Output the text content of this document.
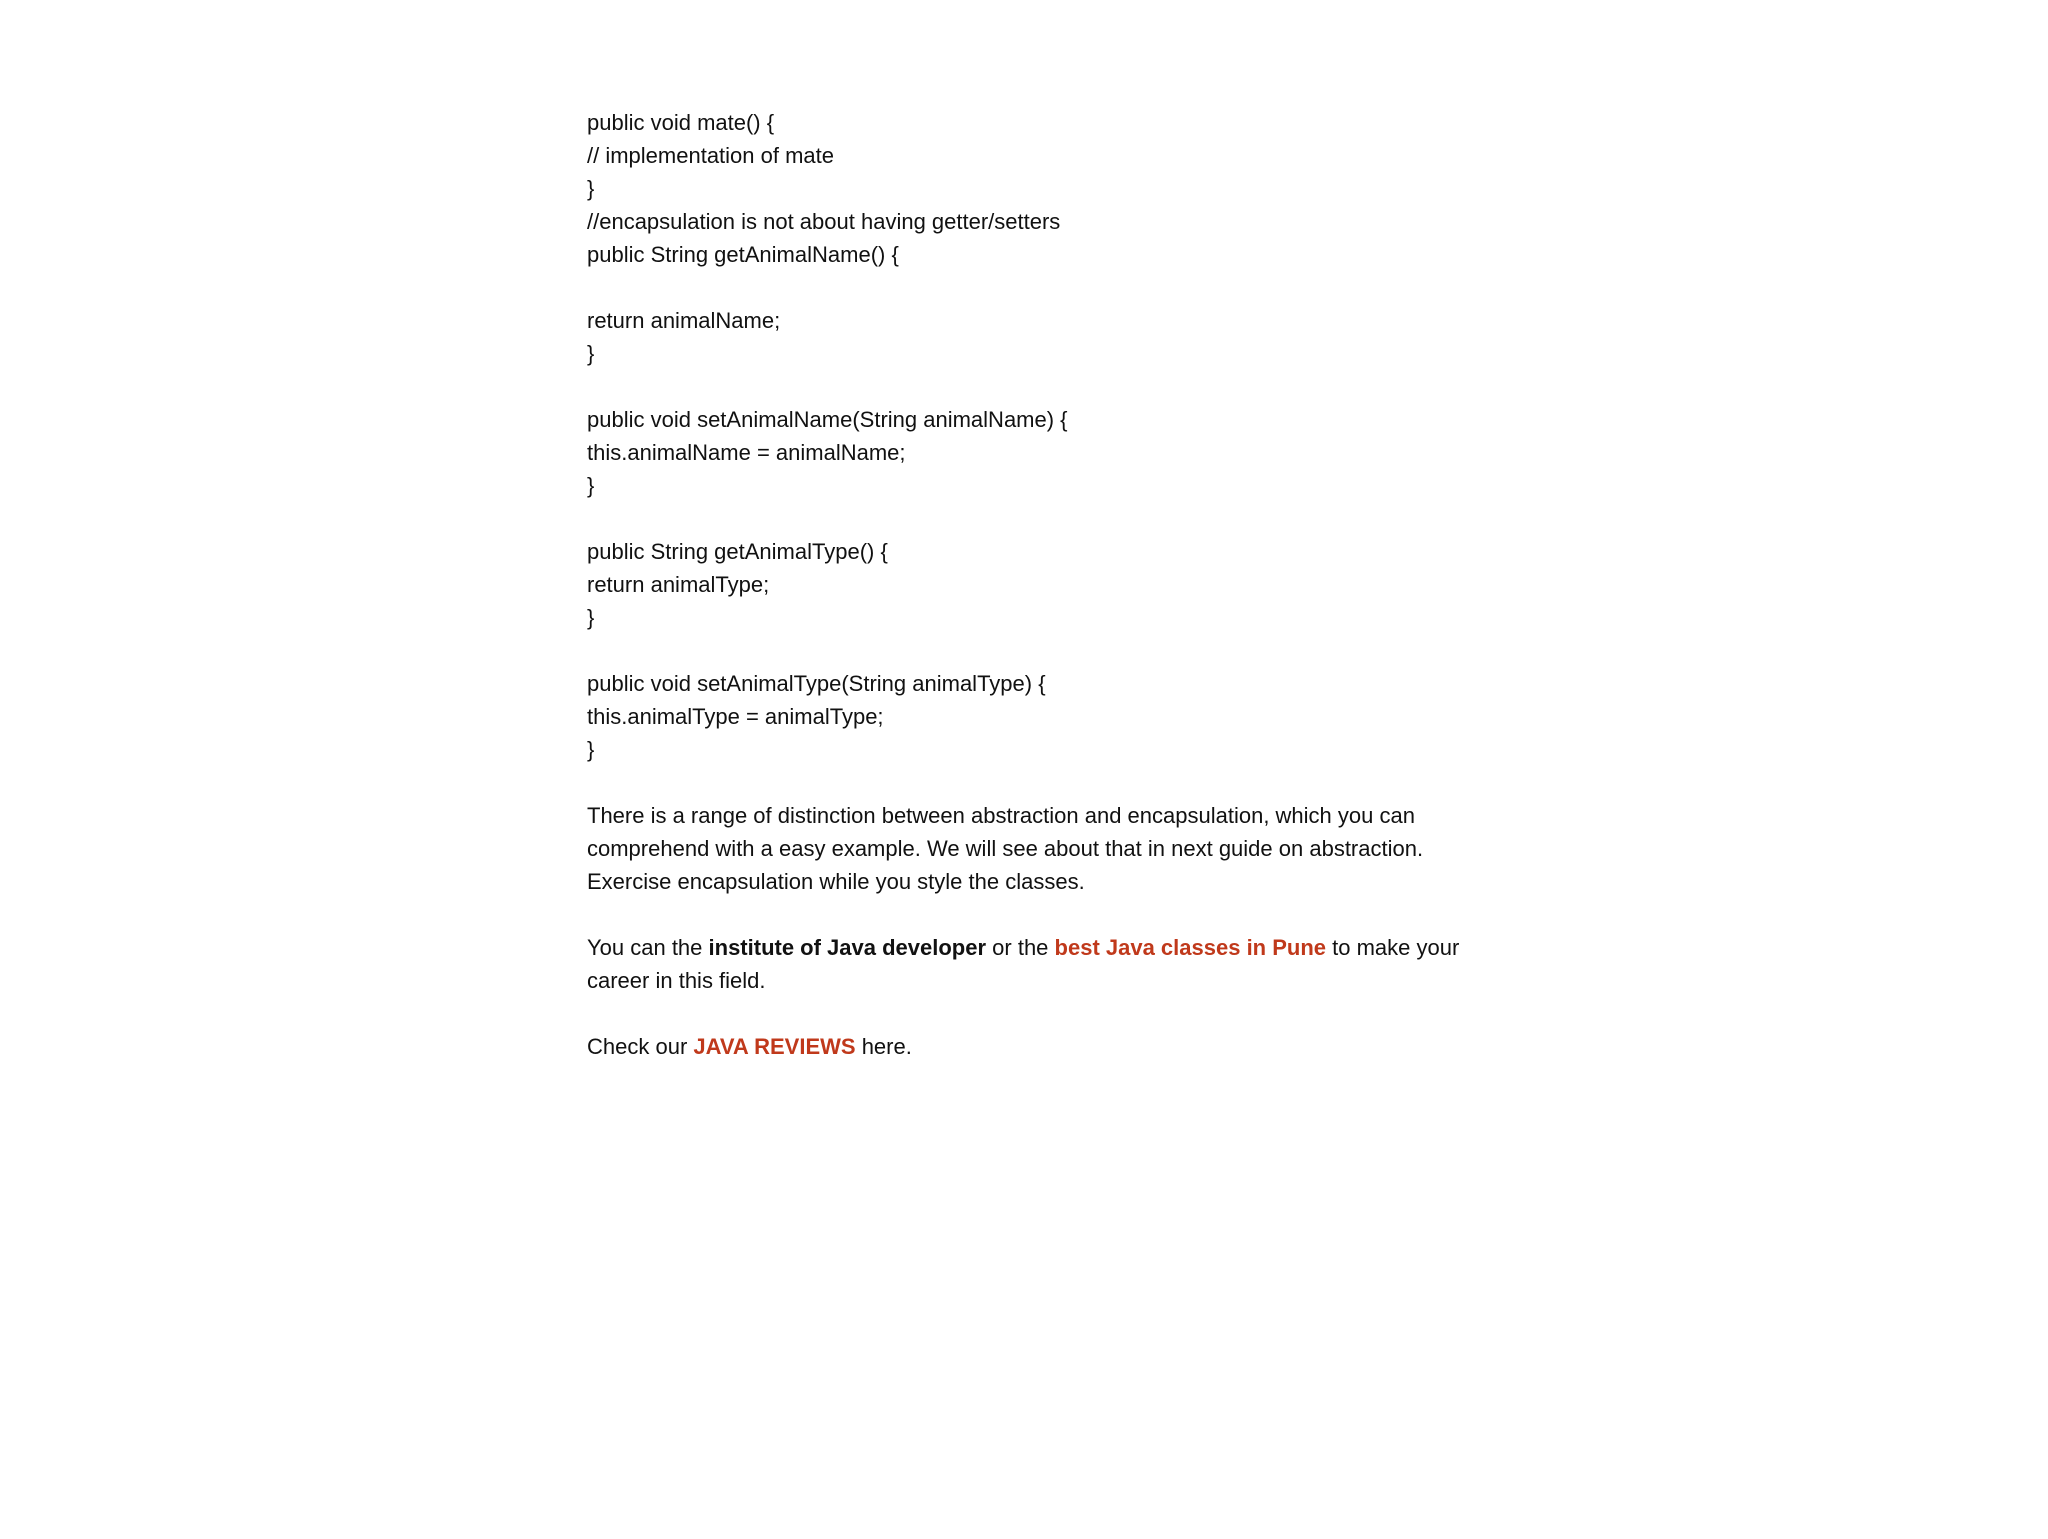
public void mate() {
// implementation of mate
}
//encapsulation is not about having getter/setters
public String getAnimalName() {
return animalName;
}
public void setAnimalName(String animalName) {
this.animalName = animalName;
}
public String getAnimalType() {
return animalType;
}
public void setAnimalType(String animalType) {
this.animalType = animalType;
}

There is a range of distinction between abstraction and encapsulation, which you can comprehend with a easy example. We will see about that in next guide on abstraction. Exercise encapsulation while you style the classes.

You can the institute of Java developer or the best Java classes in Pune to make your career in this field.

Check our JAVA REVIEWS here.
